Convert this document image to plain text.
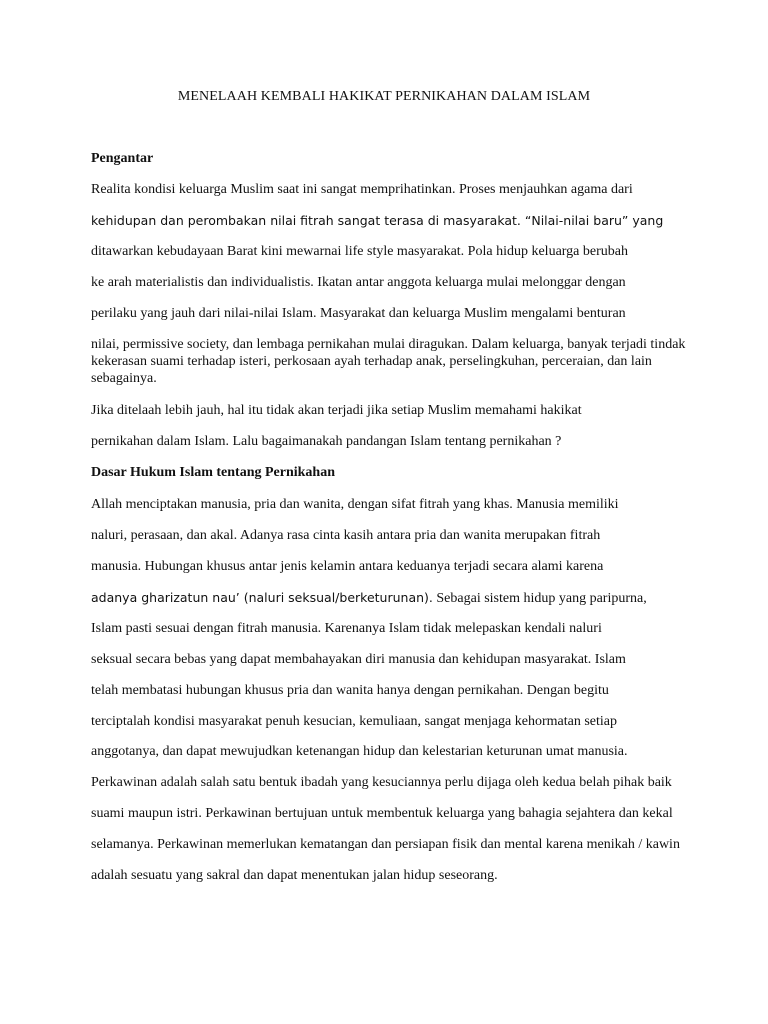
MENELAAH KEMBALI HAKIKAT PERNIKAHAN DALAM ISLAM

Pengantar

Realita kondisi keluarga Muslim saat ini sangat memprihatinkan. Proses menjauhkan agama dari

kehidupan dan perombakan nilai fitrah sangat terasa di masyarakat. “Nilai-nilai baru” yang

ditawarkan kebudayaan Barat kini mewarnai life style masyarakat. Pola hidup keluarga berubah

ke arah materialistis dan individualistis. Ikatan antar anggota keluarga mulai melonggar dengan

perilaku yang jauh dari nilai-nilai Islam. Masyarakat dan keluarga Muslim mengalami benturan

nilai, permissive society, dan lembaga pernikahan mulai diragukan. Dalam keluarga, banyak terjadi tindak kekerasan suami terhadap isteri, perkosaan ayah terhadap anak, perselingkuhan, perceraian, dan lain sebagainya.

Jika ditelaah lebih jauh, hal itu tidak akan terjadi jika setiap Muslim memahami hakikat

pernikahan dalam Islam. Lalu bagaimanakah pandangan Islam tentang pernikahan ?

Dasar Hukum Islam tentang Pernikahan

Allah menciptakan manusia, pria dan wanita, dengan sifat fitrah yang khas. Manusia memiliki

naluri, perasaan, dan akal. Adanya rasa cinta kasih antara pria dan wanita merupakan fitrah

manusia. Hubungan khusus antar jenis kelamin antara keduanya terjadi secara alami karena

adanya gharizatun nau’ (naluri seksual/berketurunan). Sebagai sistem hidup yang paripurna,

Islam pasti sesuai dengan fitrah manusia. Karenanya Islam tidak melepaskan kendali naluri

seksual secara bebas yang dapat membahayakan diri manusia dan kehidupan masyarakat. Islam

telah membatasi hubungan khusus pria dan wanita hanya dengan pernikahan. Dengan begitu

terciptalah kondisi masyarakat penuh kesucian, kemuliaan, sangat menjaga kehormatan setiap

anggotanya, dan dapat mewujudkan ketenangan hidup dan kelestarian keturunan umat manusia.

Perkawinan adalah salah satu bentuk ibadah yang kesuciannya perlu dijaga oleh kedua belah pihak baik

suami maupun istri. Perkawinan bertujuan untuk membentuk keluarga yang bahagia sejahtera dan kekal

selamanya. Perkawinan memerlukan kematangan dan persiapan fisik dan mental karena menikah / kawin

adalah sesuatu yang sakral dan dapat menentukan jalan hidup seseorang.
